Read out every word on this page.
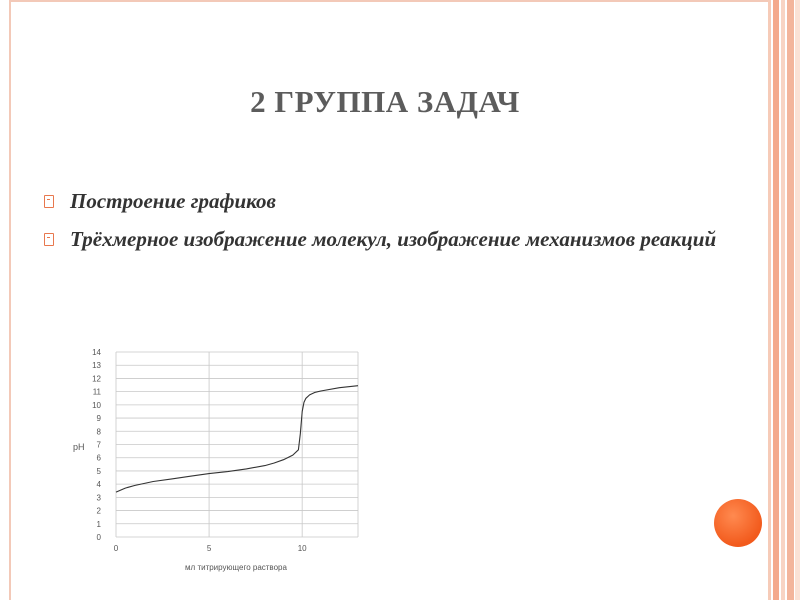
2 ГРУППА ЗАДАЧ
Построение графиков
Трёхмерное изображение молекул, изображение механизмов реакций
0
1
2
3
4
5
6
7
8
9
10
11
12
13
14
0	5	10
pH
мл титрирующего раствора
